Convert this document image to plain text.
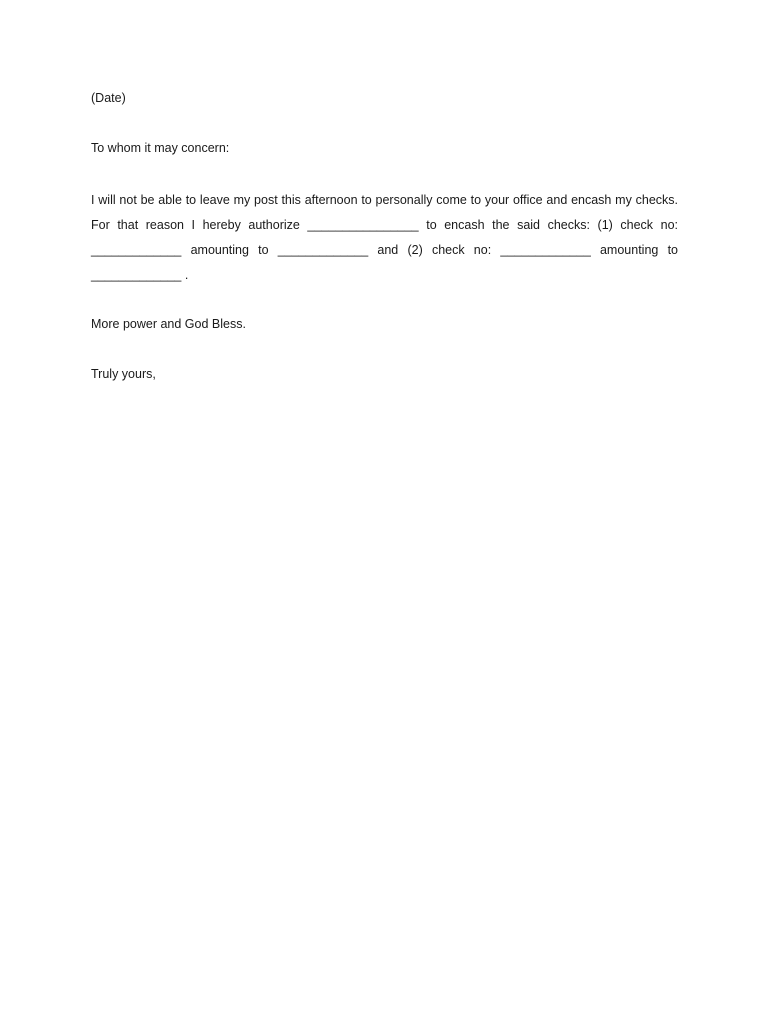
(Date)

To whom it may concern:

I will not be able to leave my post this afternoon to personally come to your office and encash my checks. For that reason I hereby authorize ________________ to encash the said checks: (1) check no: _____________ amounting to _____________ and (2) check no: _____________ amounting to _____________ .

More power and God Bless.

Truly yours,
